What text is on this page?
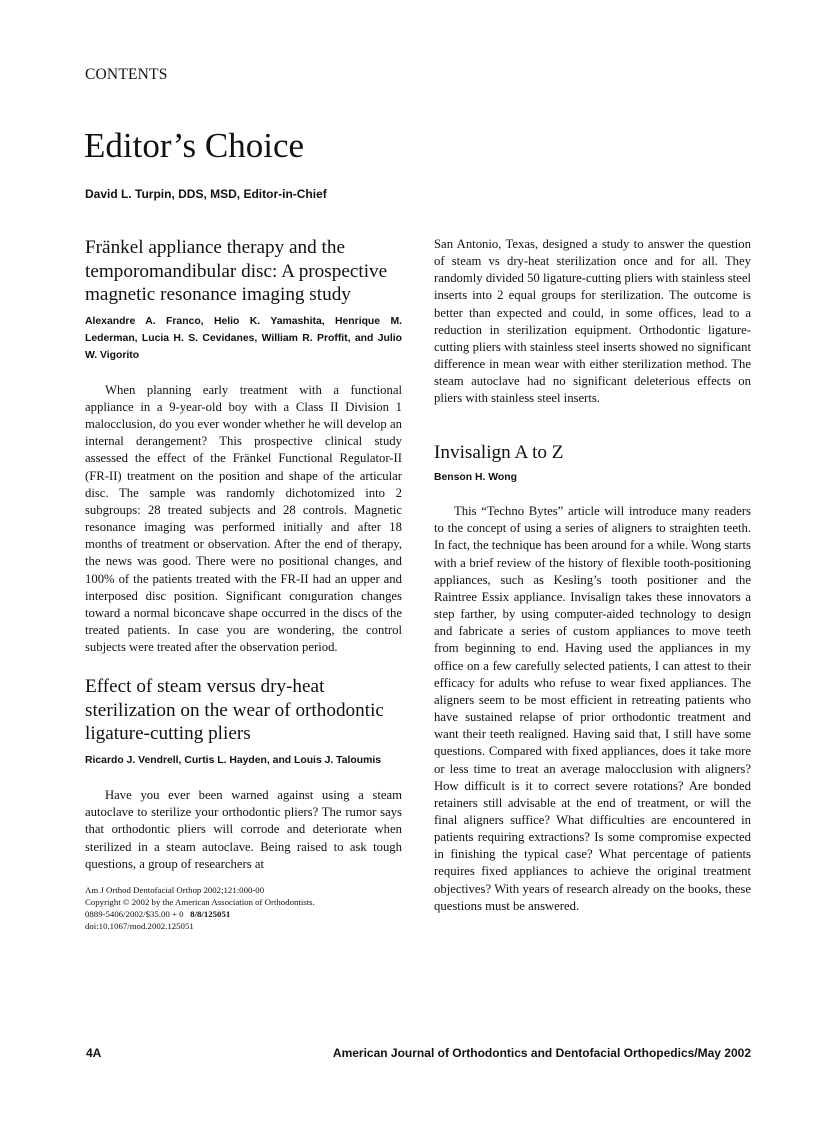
CONTENTS
Editor’s Choice
David L. Turpin, DDS, MSD, Editor-in-Chief
Fränkel appliance therapy and the temporomandibular disc: A prospective magnetic resonance imaging study

Alexandre A. Franco, Helio K. Yamashita, Henrique M. Lederman, Lucia H. S. Cevidanes, William R. Proffit, and Julio W. Vigorito

When planning early treatment with a functional appliance in a 9-year-old boy with a Class II Division 1 malocclusion, do you ever wonder whether he will develop an internal derangement? This prospective clinical study assessed the effect of the Fränkel Functional Regulator-II (FR-II) treatment on the position and shape of the articular disc. The sample was randomly dichotomized into 2 subgroups: 28 treated subjects and 28 controls. Magnetic resonance imaging was performed initially and after 18 months of treatment or observation. After the end of therapy, the news was good. There were no positional changes, and 100% of the patients treated with the FR-II had an upper and interposed disc position. Significant conıguration changes toward a normal biconcave shape occurred in the discs of the treated patients. In case you are wondering, the control subjects were treated after the observation period.

Effect of steam versus dry-heat sterilization on the wear of orthodontic ligature-cutting pliers

Ricardo J. Vendrell, Curtis L. Hayden, and Louis J. Taloumis

Have you ever been warned against using a steam autoclave to sterilize your orthodontic pliers? The rumor says that orthodontic pliers will corrode and deteriorate when sterilized in a steam autoclave. Being raised to ask tough questions, a group of researchers at

Am J Orthod Dentofacial Orthop 2002;121:000-00
Copyright © 2002 by the American Association of Orthodontists.
0889-5406/2002/$35.00 + 0 8/8/125051
doi:10.1067/mod.2002.125051

San Antonio, Texas, designed a study to answer the question of steam vs dry-heat sterilization once and for all. They randomly divided 50 ligature-cutting pliers with stainless steel inserts into 2 equal groups for sterilization. The outcome is better than expected and could, in some offices, lead to a reduction in sterilization equipment. Orthodontic ligature-cutting pliers with stainless steel inserts showed no significant difference in mean wear with either sterilization method. The steam autoclave had no significant deleterious effects on pliers with stainless steel inserts.

Invisalign A to Z

Benson H. Wong

This “Techno Bytes” article will introduce many readers to the concept of using a series of aligners to straighten teeth. In fact, the technique has been around for a while. Wong starts with a brief review of the history of flexible tooth-positioning appliances, such as Kesling’s tooth positioner and the Raintree Essix appliance. Invisalign takes these innovators a step farther, by using computer-aided technology to design and fabricate a series of custom appliances to move teeth from beginning to end. Having used the appliances in my office on a few carefully selected patients, I can attest to their efficacy for adults who refuse to wear fixed appliances. The aligners seem to be most efficient in retreating patients who have sustained relapse of prior orthodontic treatment and want their teeth realigned. Having said that, I still have some questions. Compared with fixed appliances, does it take more or less time to treat an average malocclusion with aligners? How difficult is it to correct severe rotations? Are bonded retainers still advisable at the end of treatment, or will the final aligners suffice? What difficulties are encountered in patients requiring extractions? Is some compromise expected in finishing the typical case? What percentage of patients requires fixed appliances to achieve the original treatment objectives? With years of research already on the books, these questions must be answered.

4A	American Journal of Orthodontics and Dentofacial Orthopedics/May 2002
